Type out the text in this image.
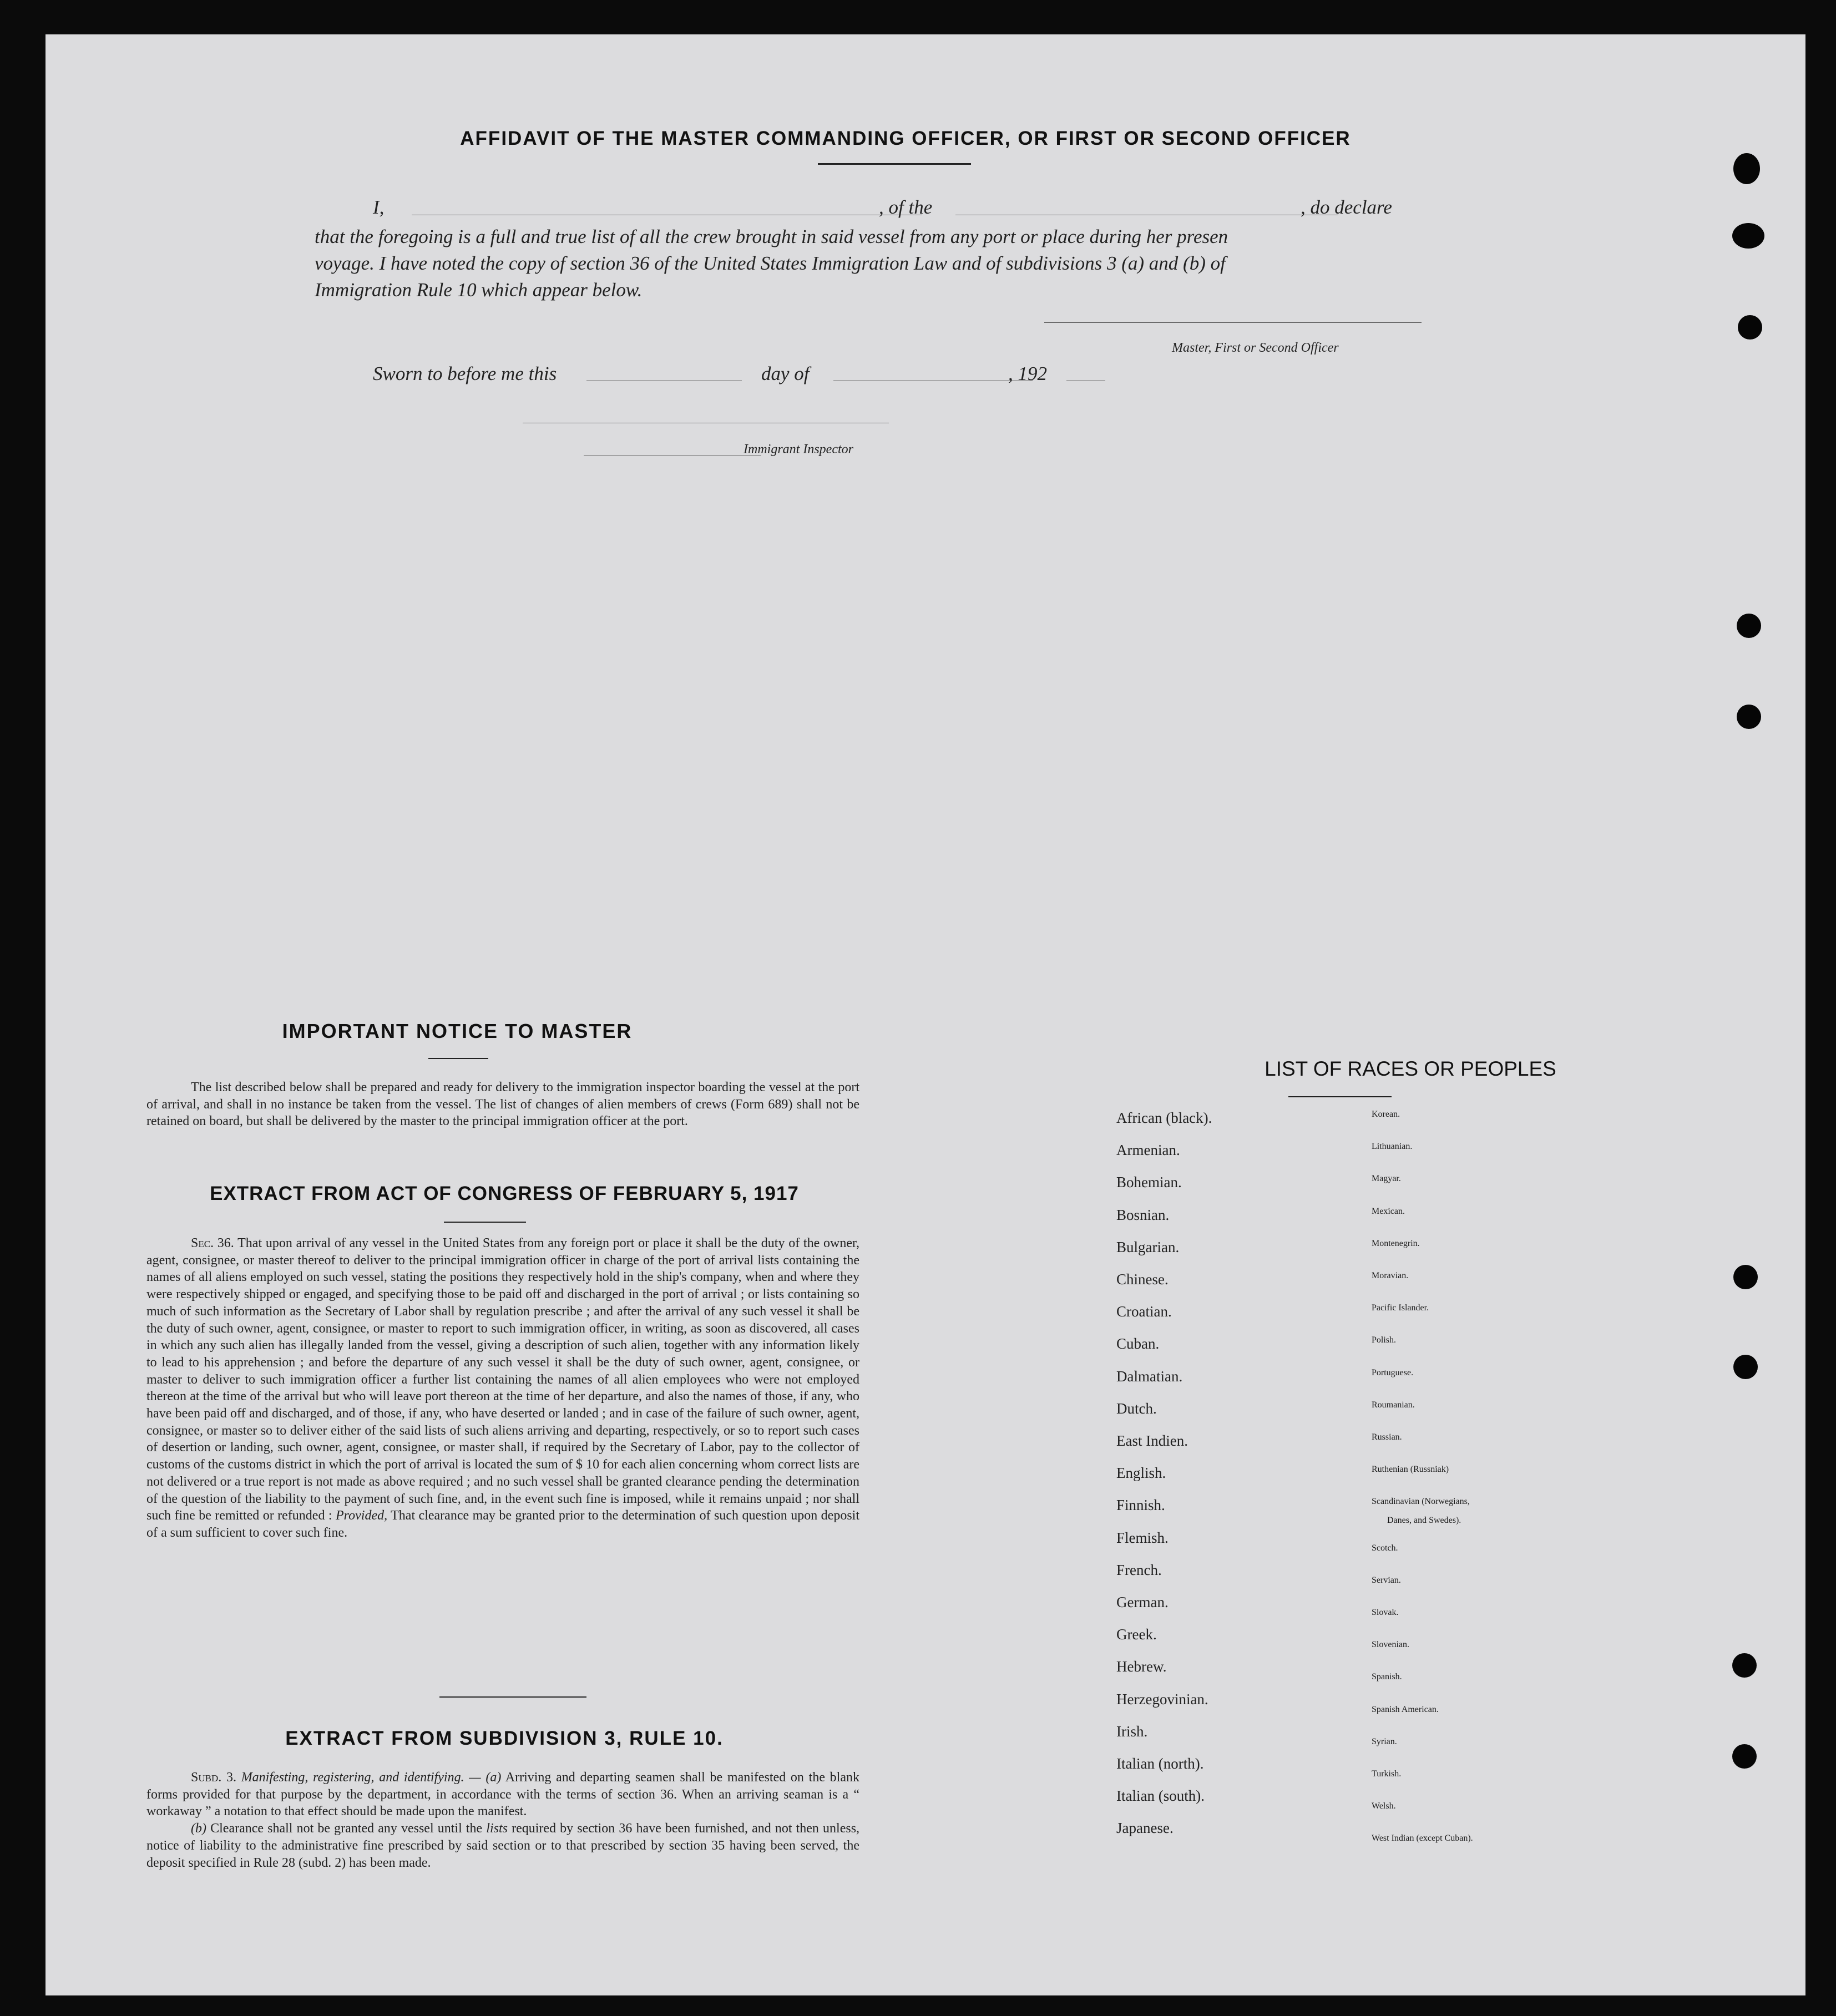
AFFIDAVIT OF THE MASTER COMMANDING OFFICER, OR FIRST OR SECOND OFFICER
I,	, of the	, do declare
that the foregoing is a full and true list of all the crew brought in said vessel from any port or place during her presen
voyage. I have noted the copy of section 36 of the United States Immigration Law and of subdivisions 3 (a) and (b) of
Immigration Rule 10 which appear below.
Master, First or Second Officer
Sworn to before me this	day of	, 192
Immigrant Inspector
IMPORTANT NOTICE TO MASTER
The list described below shall be prepared and ready for delivery to the immigration inspector boarding the vessel at the port of arrival, and shall in no instance be taken from the vessel. The list of changes of alien members of crews (Form 689) shall not be retained on board, but shall be delivered by the master to the principal immigration officer at the port.
EXTRACT FROM ACT OF CONGRESS OF FEBRUARY 5, 1917

Sec. 36. That upon arrival of any vessel in the United States from any foreign port or place it shall be the duty of the owner, agent, consignee, or master thereof to deliver to the principal immigration officer in charge of the port of arrival lists containing the names of all aliens employed on such vessel, stating the positions they respectively hold in the ship's company, when and where they were respectively shipped or engaged, and specifying those to be paid off and discharged in the port of arrival ; or lists containing so much of such information as the Secretary of Labor shall by regulation prescribe ; and after the arrival of any such vessel it shall be the duty of such owner, agent, consignee, or master to report to such immigration officer, in writing, as soon as discovered, all cases in which any such alien has illegally landed from the vessel, giving a description of such alien, together with any information likely to lead to his apprehension ; and before the departure of any such vessel it shall be the duty of such owner, agent, consignee, or master to deliver to such immigration officer a further list containing the names of all alien employees who were not employed thereon at the time of the arrival but who will leave port thereon at the time of her departure, and also the names of those, if any, who have been paid off and discharged, and of those, if any, who have deserted or landed ; and in case of the failure of such owner, agent, consignee, or master so to deliver either of the said lists of such aliens arriving and departing, respectively, or so to report such cases of desertion or landing, such owner, agent, consignee, or master shall, if required by the Secretary of Labor, pay to the collector of customs of the customs district in which the port of arrival is located the sum of $ 10 for each alien concerning whom correct lists are not delivered or a true report is not made as above required ; and no such vessel shall be granted clearance pending the determination of the question of the liability to the payment of such fine, and, in the event such fine is imposed, while it remains unpaid ; nor shall such fine be remitted or refunded : Provided, That clearance may be granted prior to the determination of such question upon deposit of a sum sufficient to cover such fine.

EXTRACT FROM SUBDIVISION 3, RULE 10.

Subd. 3. Manifesting, registering, and identifying. — (a) Arriving and departing seamen shall be manifested on the blank forms provided for that purpose by the department, in accordance with the terms of section 36. When an arriving seaman is a “ workaway ” a notation to that effect should be made upon the manifest.

(b) Clearance shall not be granted any vessel until the lists required by section 36 have been furnished, and not then unless, notice of liability to the administrative fine prescribed by said section or to that prescribed by section 35 having been served, the deposit specified in Rule 28 (subd. 2) has been made.

LIST OF RACES OR PEOPLES
African (black).
Armenian.
Bohemian.
Bosnian.
Bulgarian.
Chinese.
Croatian.
Cuban.
Dalmatian.
Dutch.
East Indien.
English.
Finnish.
Flemish.
French.
German.
Greek.
Hebrew.
Herzegovinian.
Irish.
Italian (north).
Italian (south).
Japanese.
Korean.
Lithuanian.
Magyar.
Mexican.
Montenegrin.
Moravian.
Pacific Islander.
Polish.
Portuguese.
Roumanian.
Russian.
Ruthenian (Russniak)
Scandinavian (Norwegians,
Danes, and Swedes).
Scotch.
Servian.
Slovak.
Slovenian.
Spanish.
Spanish American.
Syrian.
Turkish.
Welsh.
West Indian (except Cuban).
